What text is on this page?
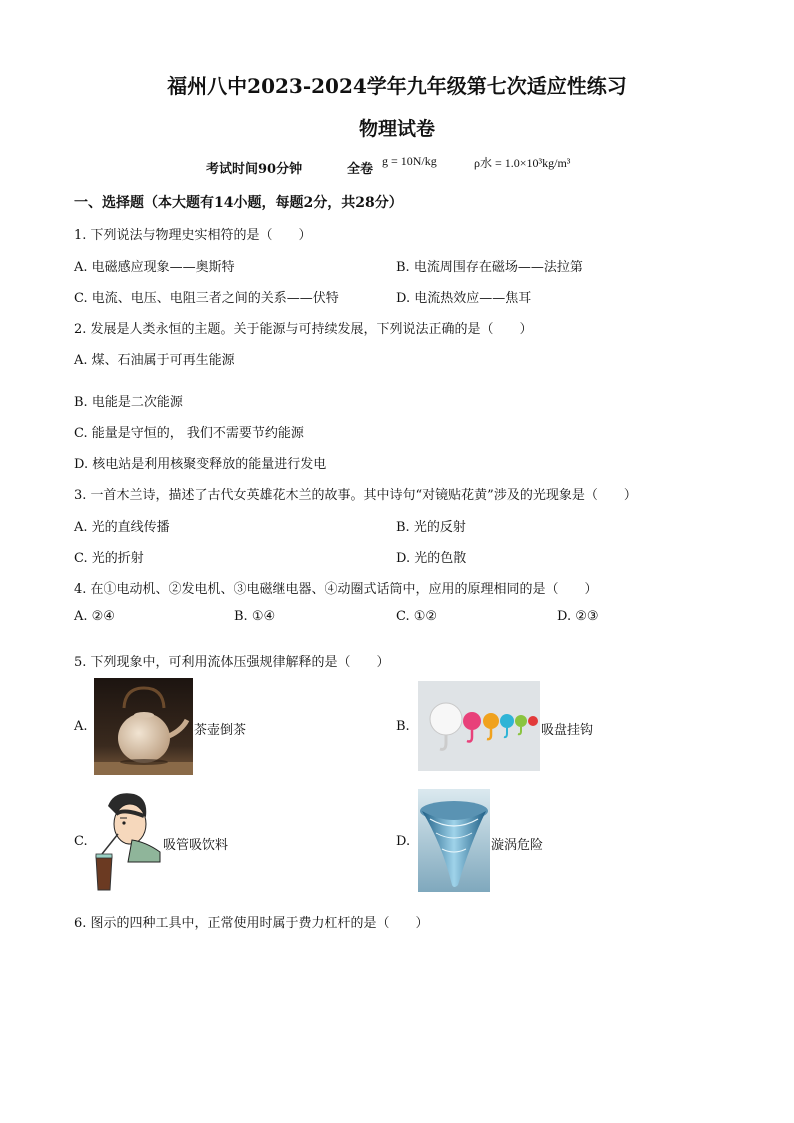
福州八中2023-2024学年九年级第七次适应性练习
物理试卷
考试时间90分钟	全卷
g = 10N/kg	ρ水 = 1.0×10³kg/m³
一、选择题（本大题有14小题，每题2分，共28分）
1. 下列说法与物理史实相符的是（　　）
A. 电磁感应现象——奥斯特	B. 电流周围存在磁场——法拉第
C. 电流、电压、电阻三者之间的关系——伏特	D. 电流热效应——焦耳
2. 发展是人类永恒的主题。关于能源与可持续发展，下列说法正确的是（　　）
A. 煤、石油属于可再生能源
B. 电能是二次能源
C. 能量是守恒的， 我们不需要节约能源
D. 核电站是利用核聚变释放的能量进行发电
3. 一首木兰诗，描述了古代女英雄花木兰的故事。其中诗句“对镜贴花黄”涉及的光现象是（　　）
A. 光的直线传播	B. 光的反射
C. 光的折射	D. 光的色散
4. 在①电动机、②发电机、③电磁继电器、④动圈式话筒中，应用的原理相同的是（　　）
A. ②④	B. ①④	C. ①②	D. ②③
5. 下列现象中，可利用流体压强规律解释的是（　　）
A.	茶壶倒茶	B.	吸盘挂钩
C.	吸管吸饮料	D.	漩涡危险
6. 图示的四种工具中，正常使用时属于费力杠杆的是（　　）
